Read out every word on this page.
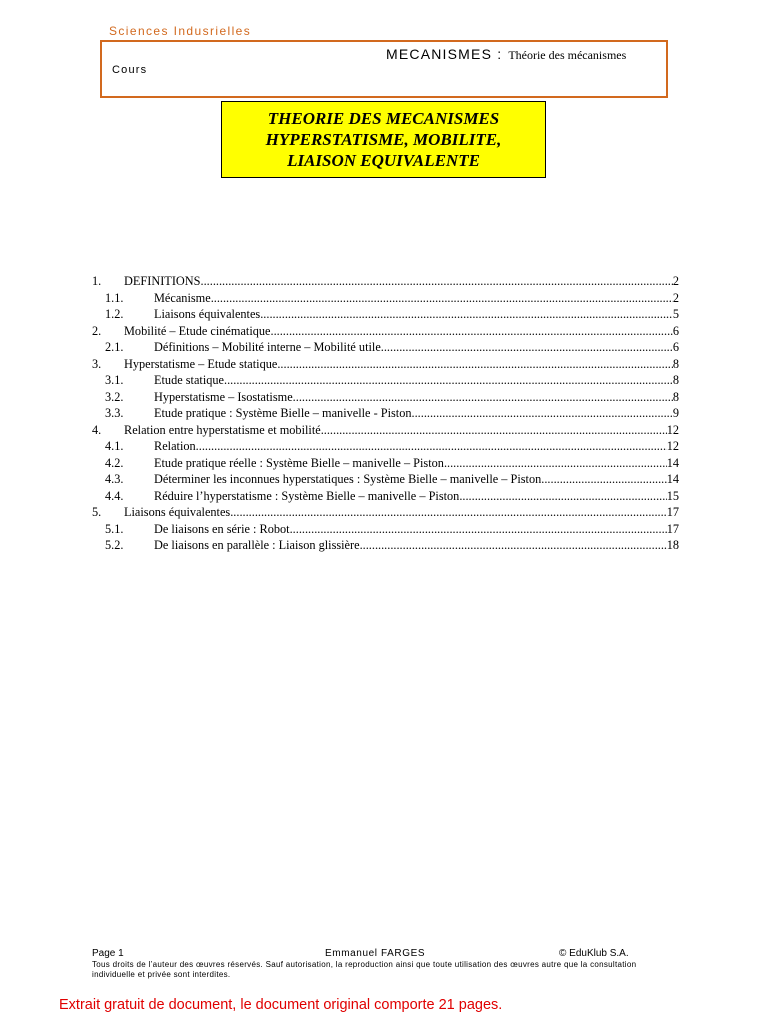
Sciences Indusrielles
MECANISMES : Théorie des mécanismes
Cours
THEORIE DES MECANISMES
HYPERSTATISME, MOBILITE,
LIAISON EQUIVALENTE
1. DEFINITIONS. .....	2
1.1. Mécanisme .....	2
1.2. Liaisons équivalentes .....	5
2. Mobilité – Etude cinématique .....	6
2.1. Définitions – Mobilité interne – Mobilité utile .....	6
3. Hyperstatisme – Etude statique .....	8
3.1. Etude statique .....	8
3.2. Hyperstatisme – Isostatisme .....	8
3.3. Etude pratique : Système Bielle – manivelle - Piston .....	9
4. Relation entre hyperstatisme et mobilité .....	12
4.1. Relation .....	12
4.2. Etude pratique réelle : Système Bielle – manivelle – Piston .....	14
4.3. Déterminer les inconnues hyperstatiques : Système Bielle – manivelle – Piston .....	14
4.4. Réduire l’hyperstatisme : Système Bielle – manivelle – Piston .....	15
5. Liaisons équivalentes .....	17
5.1. De liaisons en série : Robot .....	17
5.2. De liaisons en parallèle : Liaison glissière .....	18
Page 1	Emmanuel FARGES	© EduKlub S.A.
Tous droits de l’auteur des œuvres réservés. Sauf autorisation, la reproduction ainsi que toute utilisation des œuvres autre que la consultation individuelle et privée sont interdites.
Extrait gratuit de document, le document original comporte 21 pages.
